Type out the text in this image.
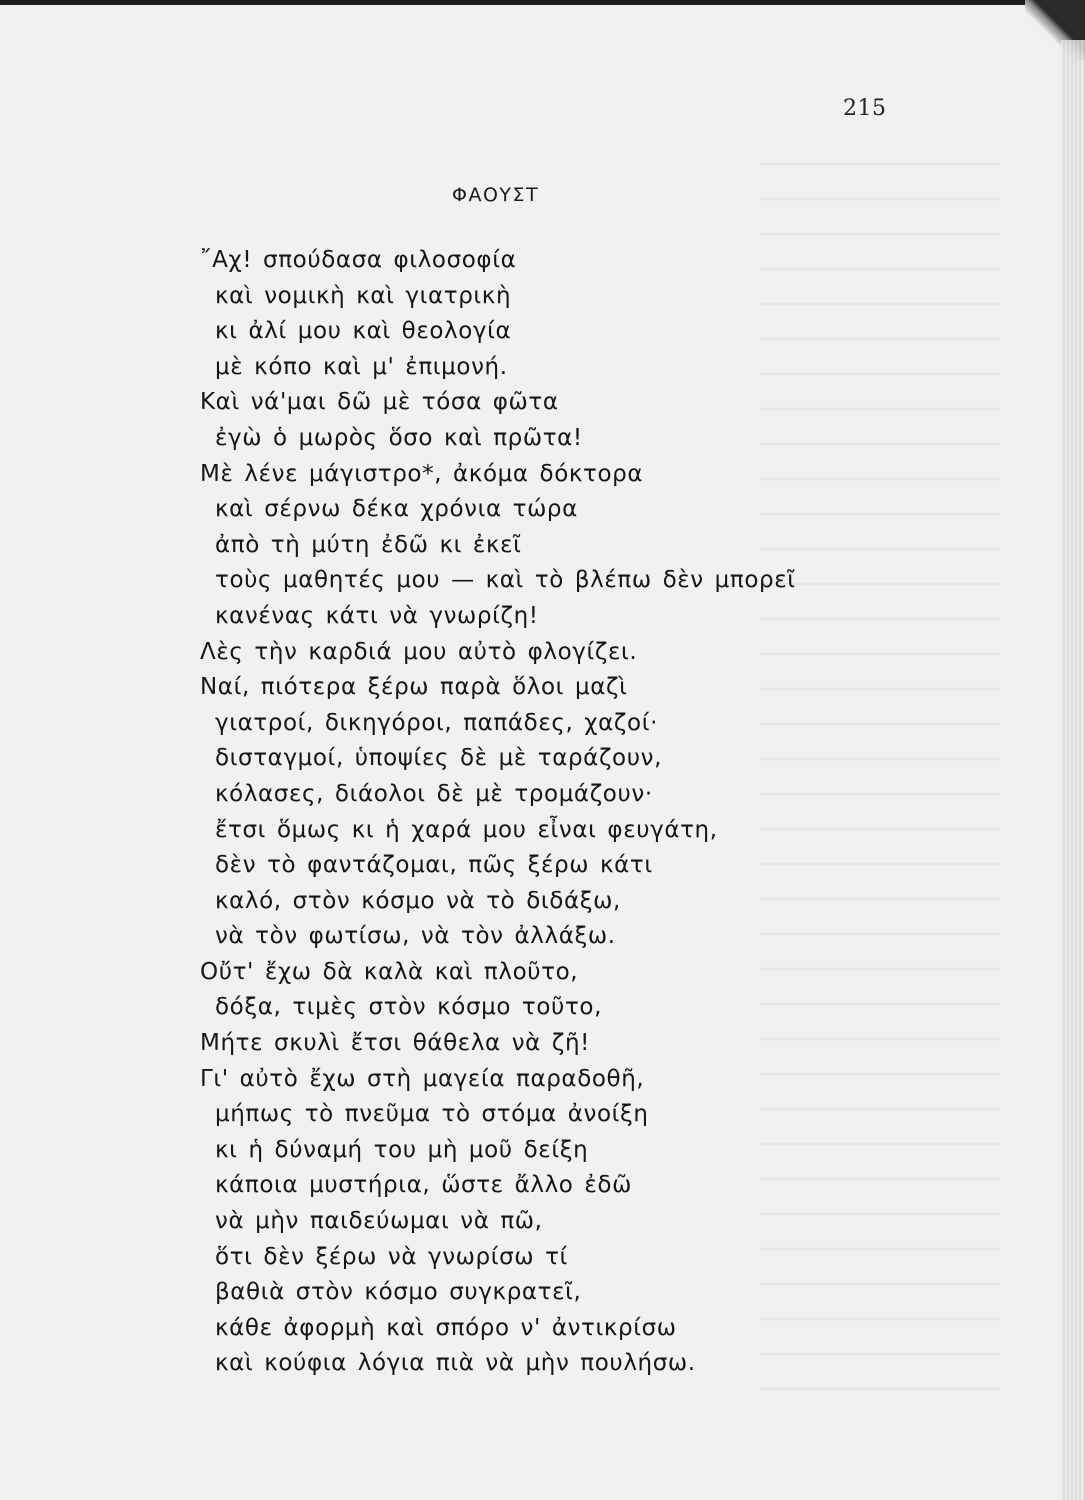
215
ΦΑΟΥΣΤ
῎Αχ! σπούδασα φιλοσοφία
καὶ νομικὴ καὶ γιατρικὴ
κι ἀλί μου καὶ θεολογία
μὲ κόπο καὶ μ' ἐπιμονή.
Καὶ νά'μαι δῶ μὲ τόσα φῶτα
ἐγὼ ὁ μωρὸς ὅσο καὶ πρῶτα!
Μὲ λένε μάγιστρο*, ἀκόμα δόκτορα
καὶ σέρνω δέκα χρόνια τώρα
ἀπὸ τὴ μύτη ἐδῶ κι ἐκεῖ
τοὺς μαθητές μου — καὶ τὸ βλέπω δὲν μπορεῖ
κανένας κάτι νὰ γνωρίζη!
Λὲς τὴν καρδιά μου αὐτὸ φλογίζει.
Ναί, πιότερα ξέρω παρὰ ὅλοι μαζὶ
γιατροί, δικηγόροι, παπάδες, χαζοί·
δισταγμοί, ὑποψίες δὲ μὲ ταράζουν,
κόλασες, διάολοι δὲ μὲ τρομάζουν·
ἔτσι ὅμως κι ἡ χαρά μου εἶναι φευγάτη,
δὲν τὸ φαντάζομαι, πῶς ξέρω κάτι
καλό, στὸν κόσμο νὰ τὸ διδάξω,
νὰ τὸν φωτίσω, νὰ τὸν ἀλλάξω.
Οὔτ' ἔχω δὰ καλὰ καὶ πλοῦτο,
δόξα, τιμὲς στὸν κόσμο τοῦτο,
Μήτε σκυλὶ ἔτσι θάθελα νὰ ζῆ!
Γι' αὐτὸ ἔχω στὴ μαγεία παραδοθῆ,
μήπως τὸ πνεῦμα τὸ στόμα ἀνοίξη
κι ἡ δύναμή του μὴ μοῦ δείξη
κάποια μυστήρια, ὥστε ἄλλο ἐδῶ
νὰ μὴν παιδεύωμαι νὰ πῶ,
ὅτι δὲν ξέρω νὰ γνωρίσω τί
βαθιὰ στὸν κόσμο συγκρατεῖ,
κάθε ἀφορμὴ καὶ σπόρο ν' ἀντικρίσω
καὶ κούφια λόγια πιὰ νὰ μὴν πουλήσω.
